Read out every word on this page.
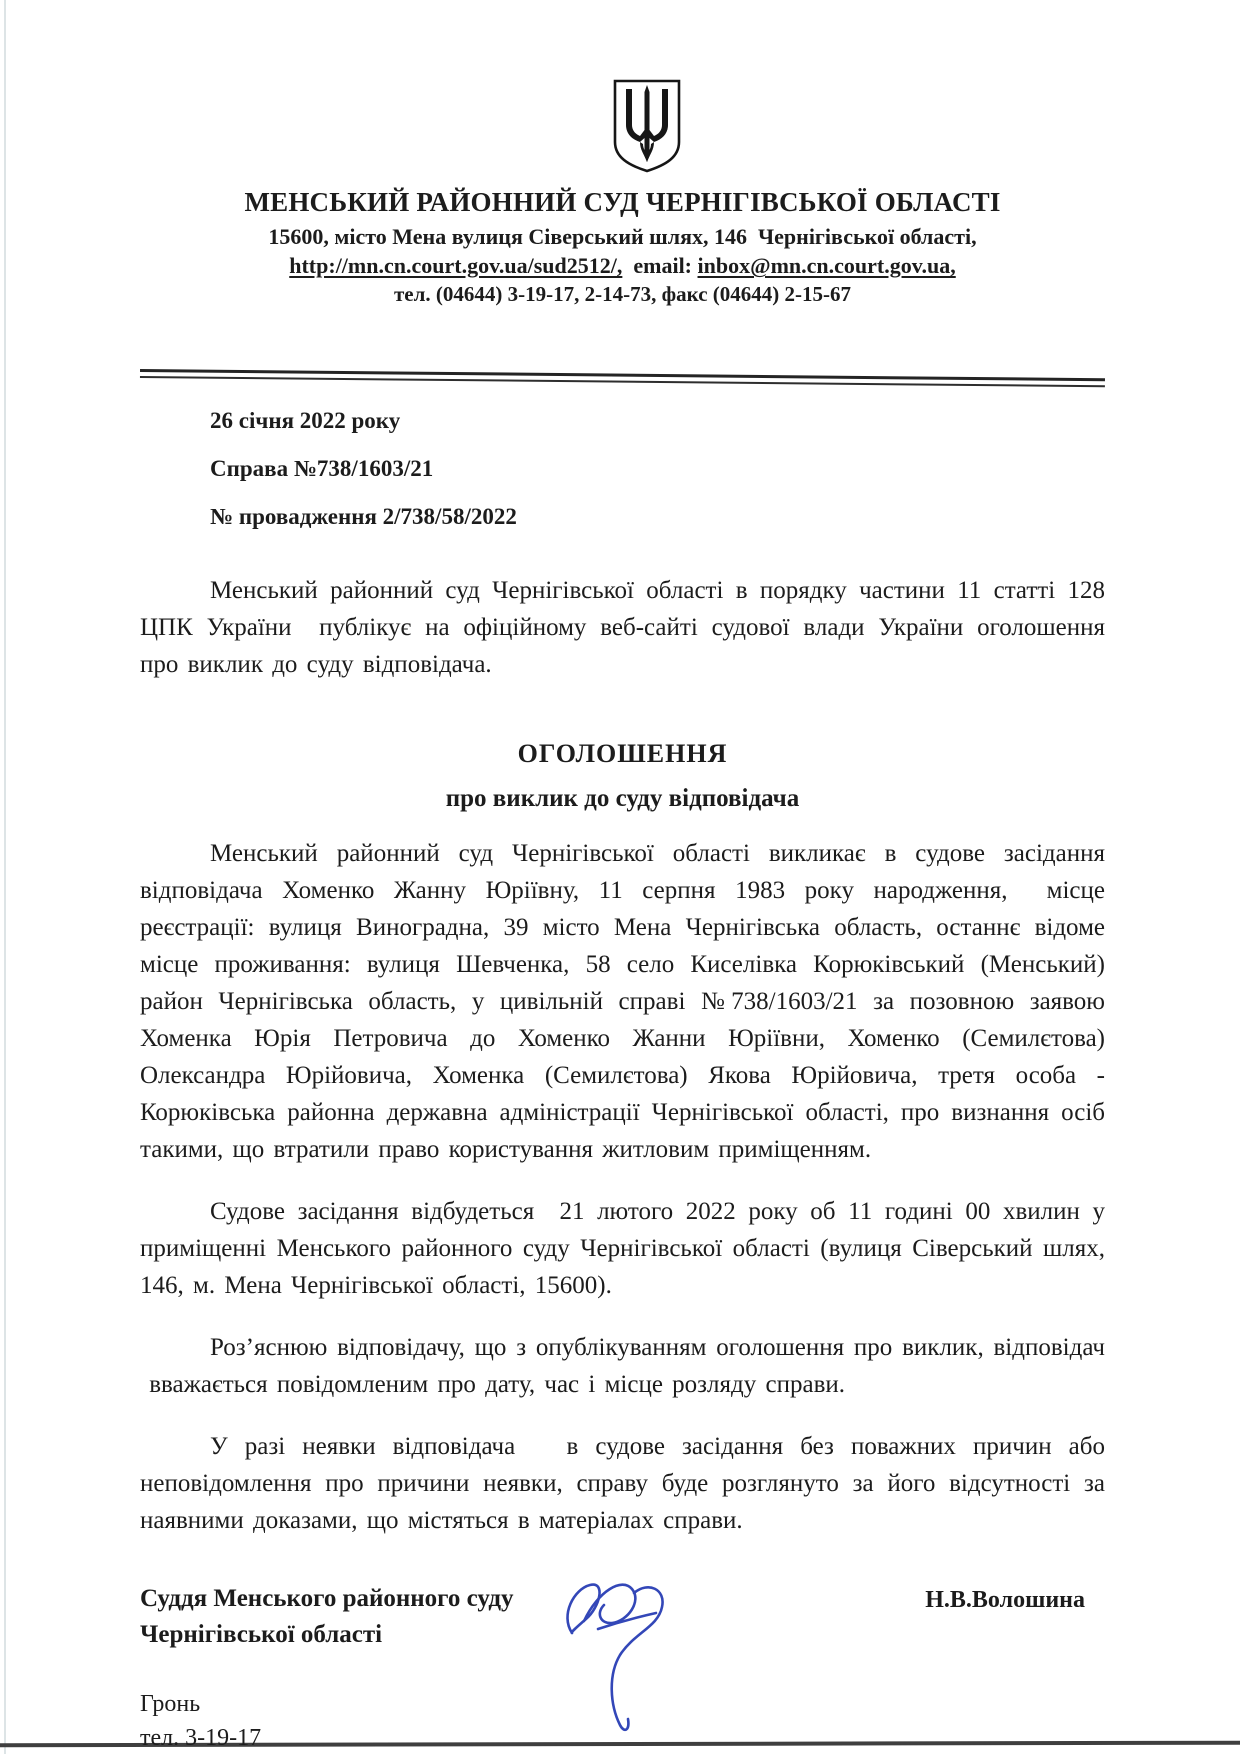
МЕНСЬКИЙ РАЙОННИЙ СУД ЧЕРНІГІВСЬКОЇ ОБЛАСТІ
15600, місто Мена вулиця Сіверський шлях, 146  Чернігівської області,
http://mn.cn.court.gov.ua/sud2512/,  email: inbox@mn.cn.court.gov.ua,
тел. (04644) 3-19-17, 2-14-73, факс (04644) 2-15-67
26 січня 2022 року
Справа №738/1603/21
№ провадження 2/738/58/2022

Менський районний суд Чернігівської області в порядку частини 11 статті 128 ЦПК України  публікує на офіційному веб-сайті судової влади України оголошення про виклик до суду відповідача.

ОГОЛОШЕННЯ
про виклик до суду відповідача

Менський районний суд Чернігівської області викликає в судове засідання відповідача Хоменко Жанну Юріївну, 11 серпня 1983 року народження,  місце реєстрації: вулиця Виноградна, 39 місто Мена Чернігівська область, останнє відоме місце проживання: вулиця Шевченка, 58 село Киселівка Корюківський (Менський) район Чернігівська область, у цивільній справі №738/1603/21 за позовною заявою Хоменка Юрія Петровича до Хоменко Жанни Юріївни, Хоменко (Семилєтова) Олександра Юрійовича, Хоменка (Семилєтова) Якова Юрійовича, третя особа - Корюківська районна державна адміністрації Чернігівської області, про визнання осіб такими, що втратили право користування житловим приміщенням.

Судове засідання відбудеться  21 лютого 2022 року об 11 годині 00 хвилин у приміщенні Менського районного суду Чернігівської області (вулиця Сіверський шлях, 146, м. Мена Чернігівської області, 15600).

Роз’яснюю відповідачу, що з опублікуванням оголошення про виклик, відповідач  вважається повідомленим про дату, час і місце розляду справи.

У разі неявки відповідача   в судове засідання без поважних причин або неповідомлення про причини неявки, справу буде розглянуто за його відсутності за наявними доказами, що містяться в матеріалах справи.

Суддя Менського районного суду
Чернігівської області
Н.В.Волошина
Гронь
тел. 3-19-17
